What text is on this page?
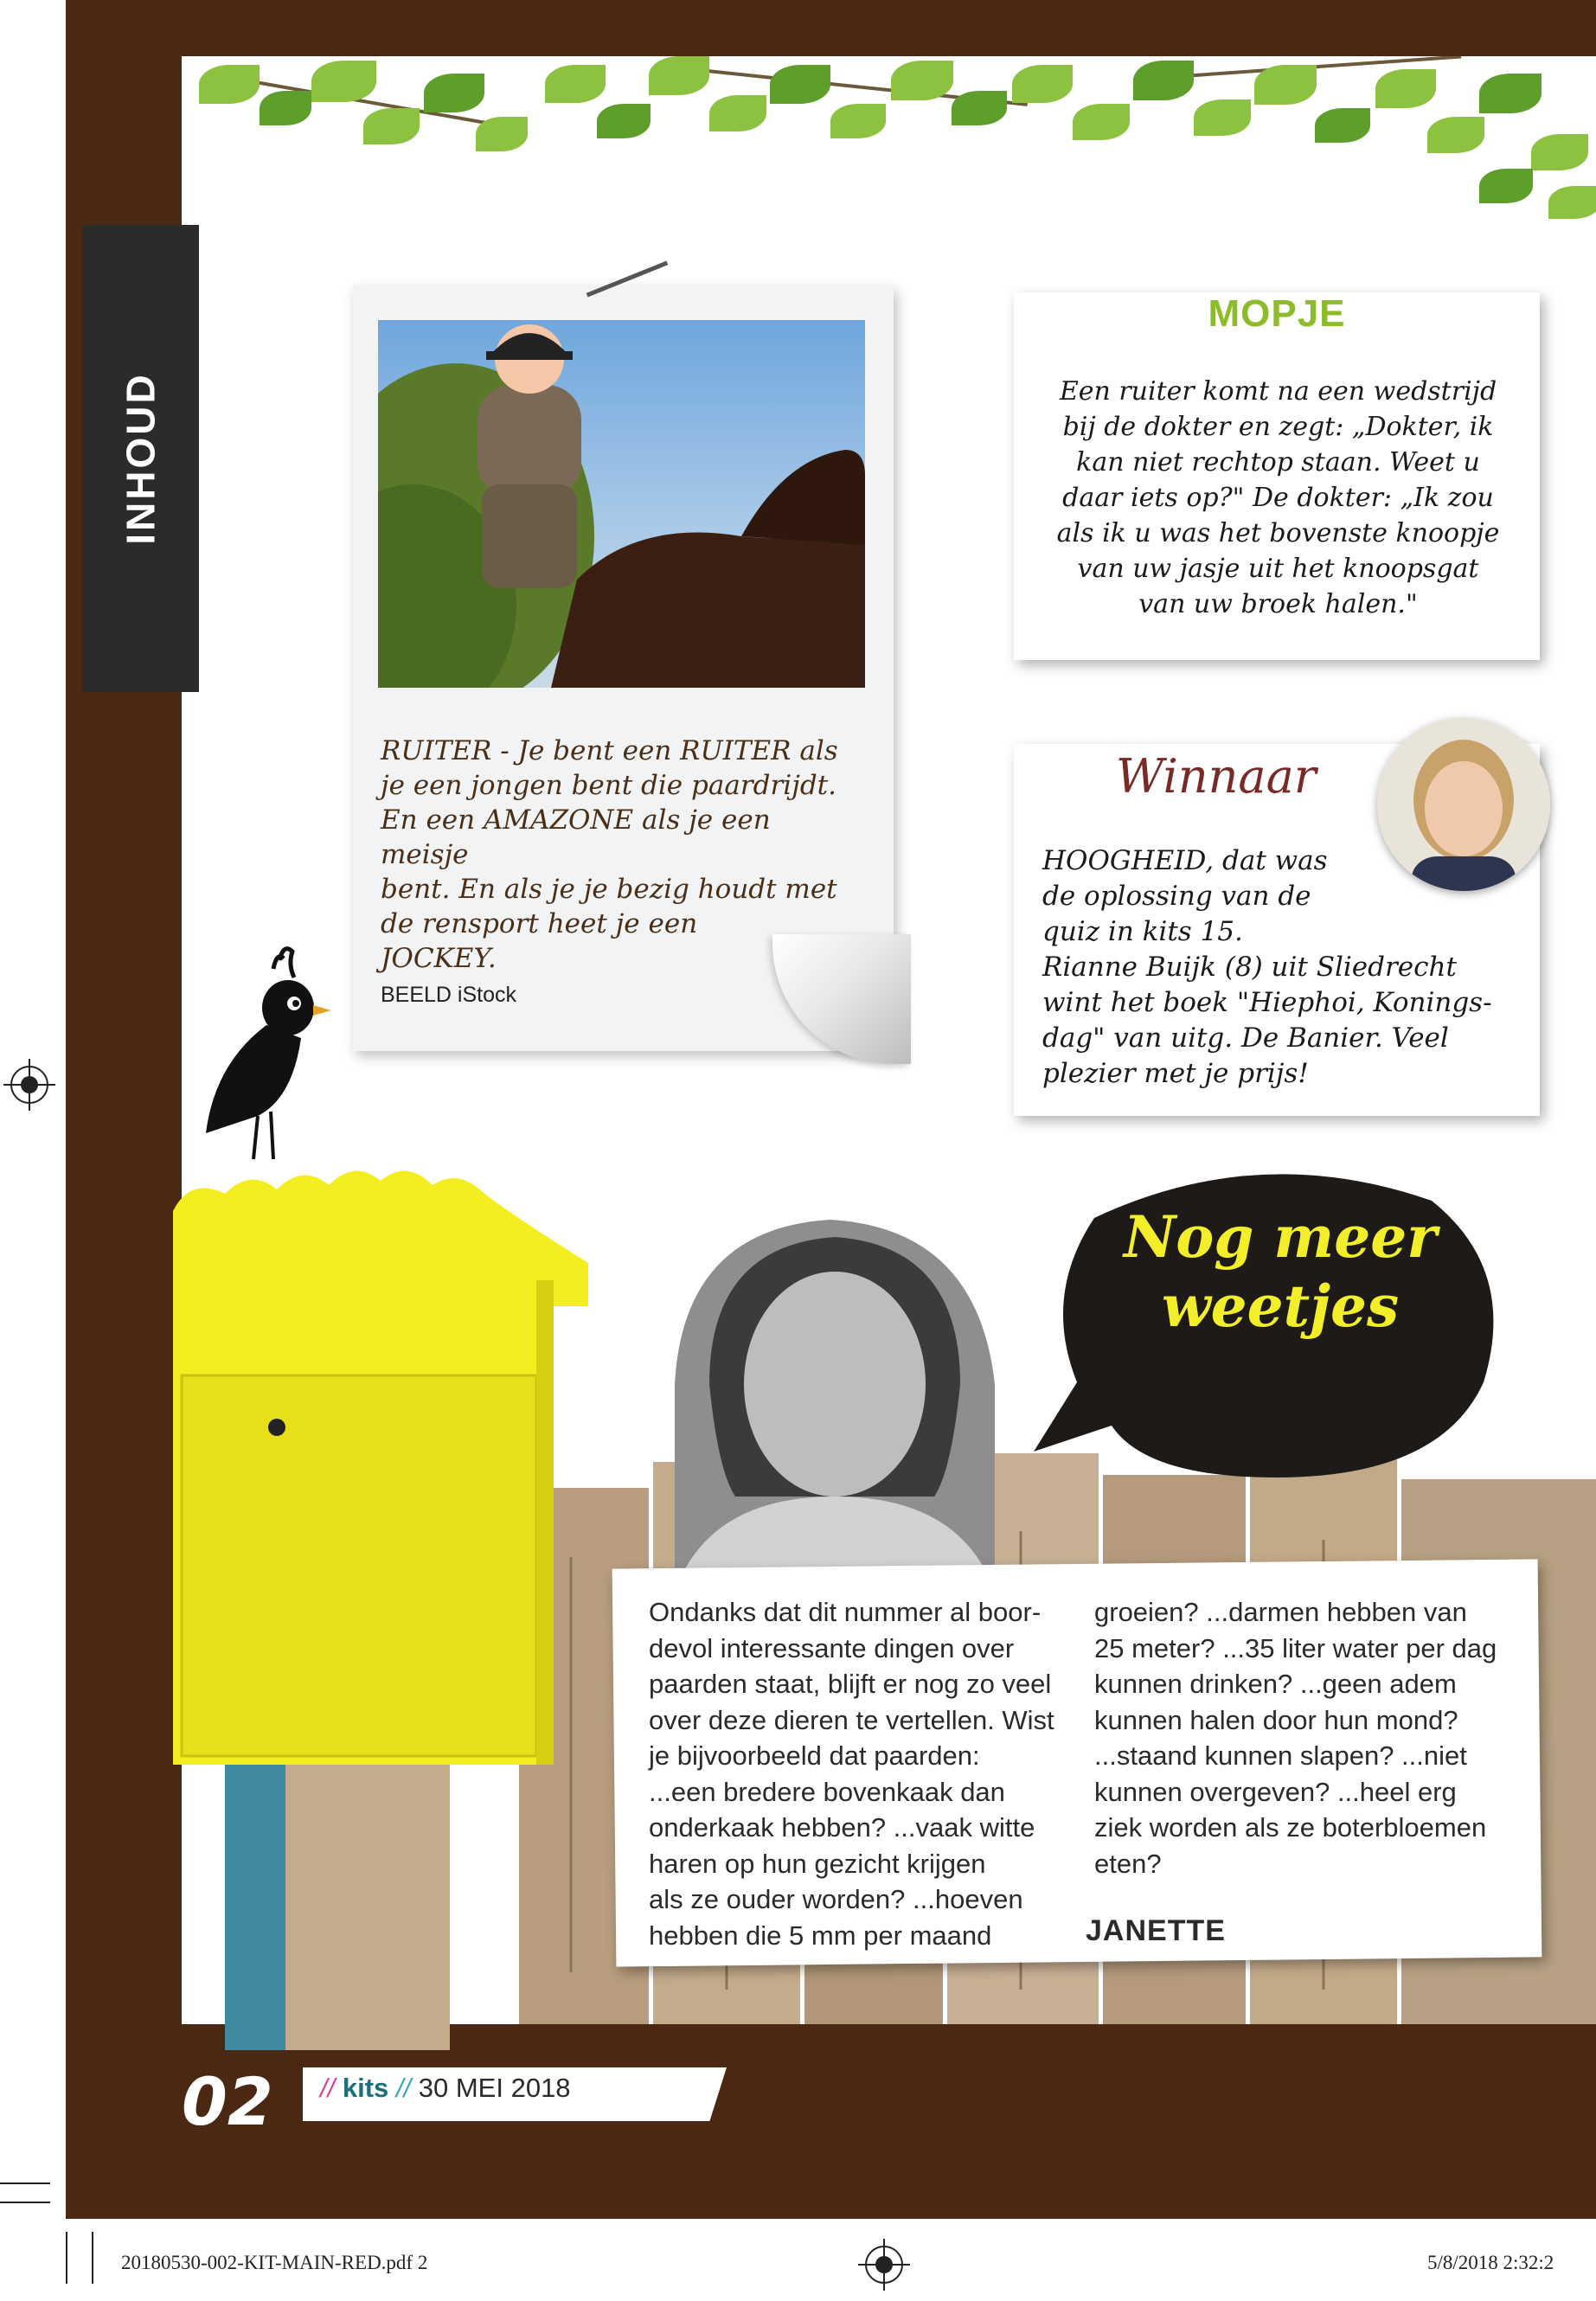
INHOUD
RUITER - Je bent een RUITER als
je een jongen bent die paardrijdt.
En een AMAZONE als je een meisje
bent. En als je je bezig houdt met
de rensport heet je een
JOCKEY.
BEELD iStock
MOPJE
Een ruiter komt na een wedstrijd
bij de dokter en zegt: „Dokter, ik
kan niet rechtop staan. Weet u
daar iets op?" De dokter: „Ik zou
als ik u was het bovenste knoopje
van uw jasje uit het knoopsgat
van uw broek halen."
Winnaar
HOOGHEID, dat was
de oplossing van de
quiz in kits 15.
Rianne Buijk (8) uit Sliedrecht
wint het boek "Hiephoi, Konings-
dag" van uitg. De Banier. Veel
plezier met je prijs!
Nog meer
weetjes
Ondanks dat dit nummer al boor-
devol interessante dingen over
paarden staat, blijft er nog zo veel
over deze dieren te vertellen. Wist
je bijvoorbeeld dat paarden:
...een bredere bovenkaak dan
onderkaak hebben? ...vaak witte
haren op hun gezicht krijgen
als ze ouder worden? ...hoeven
hebben die 5 mm per maand
groeien? ...darmen hebben van
25 meter? ...35 liter water per dag
kunnen drinken? ...geen adem
kunnen halen door hun mond?
...staand kunnen slapen? ...niet
kunnen overgeven? ...heel erg
ziek worden als ze boterbloemen
eten?
JANETTE
02 // kits // 30 MEI 2018
20180530-002-KIT-MAIN-RED.pdf 2	5/8/2018 2:32:2
